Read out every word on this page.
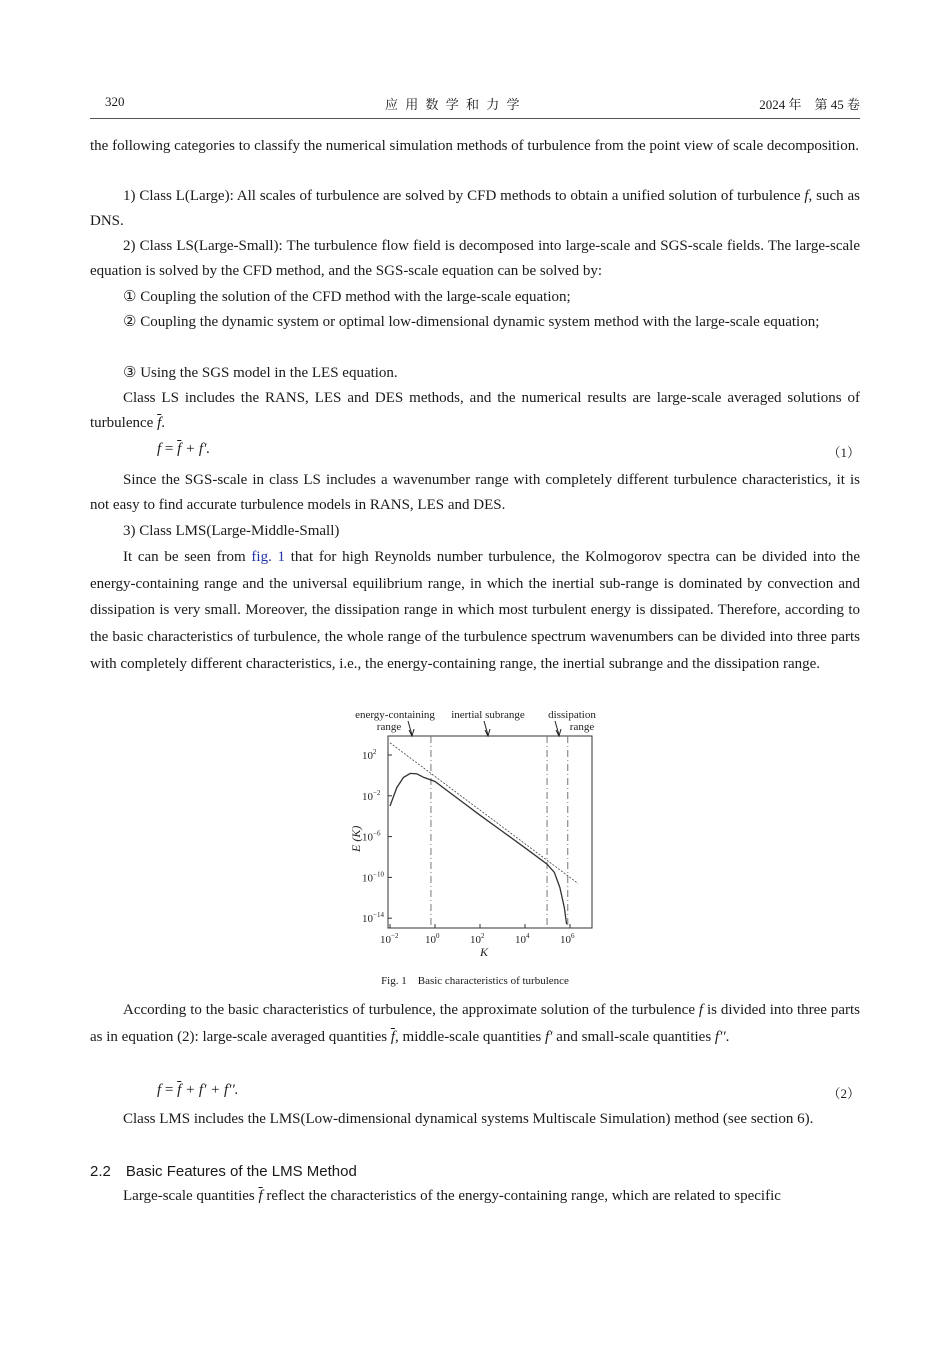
320	应 用 数 学 和 力 学	2024 年　第 45 卷
the following categories to classify the numerical simulation methods of turbulence from the point view of scale decomposition.
1) Class L(Large): All scales of turbulence are solved by CFD methods to obtain a unified solution of turbulence f, such as DNS.
2) Class LS(Large-Small): The turbulence flow field is decomposed into large-scale and SGS-scale fields. The large-scale equation is solved by the CFD method, and the SGS-scale equation can be solved by:
① Coupling the solution of the CFD method with the large-scale equation;
② Coupling the dynamic system or optimal low-dimensional dynamic system method with the large-scale equation;
③ Using the SGS model in the LES equation.
Class LS includes the RANS, LES and DES methods, and the numerical results are large-scale averaged solutions of turbulence $\overline{f}$.
$f = \overline{f} + f'$.	（1）
Since the SGS-scale in class LS includes a wavenumber range with completely different turbulence characteristics, it is not easy to find accurate turbulence models in RANS, LES and DES.
3) Class LMS(Large-Middle-Small)
It can be seen from fig. 1 that for high Reynolds number turbulence, the Kolmogorov spectra can be divided into the energy-containing range and the universal equilibrium range, in which the inertial sub-range is dominated by convection and dissipation is very small. Moreover, the dissipation range in which most turbulent energy is dissipated. Therefore, according to the basic characteristics of turbulence, the whole range of the turbulence spectrum wavenumbers can be divided into three parts with completely different characteristics, i.e., the energy-containing range, the inertial subrange and the dissipation range.
$10^{-2}$ $10^0$	$10^2$	$10^4$	$10^6$
$10^2$
$10^{-2}$
$10^{-6}$
$10^{-10}$
$10^{-14}$
K
E (K)
energy-containing
range
inertial subrange dissipation
range
Fig. 1　Basic characteristics of turbulence
According to the basic characteristics of turbulence, the approximate solution of the turbulence f is divided into three parts as in equation (2): large-scale averaged quantities $\overline{f}$, middle-scale quantities f′ and small-scale quantities f′′.
$f = \overline{f} + f' + f''$.	（2）
Class LMS includes the LMS(Low-dimensional dynamical systems Multiscale Simulation) method (see section 6).
2.2　Basic Features of the LMS Method
Large-scale quantities $\overline{f}$ reflect the characteristics of the energy-containing range, which are related to specific
